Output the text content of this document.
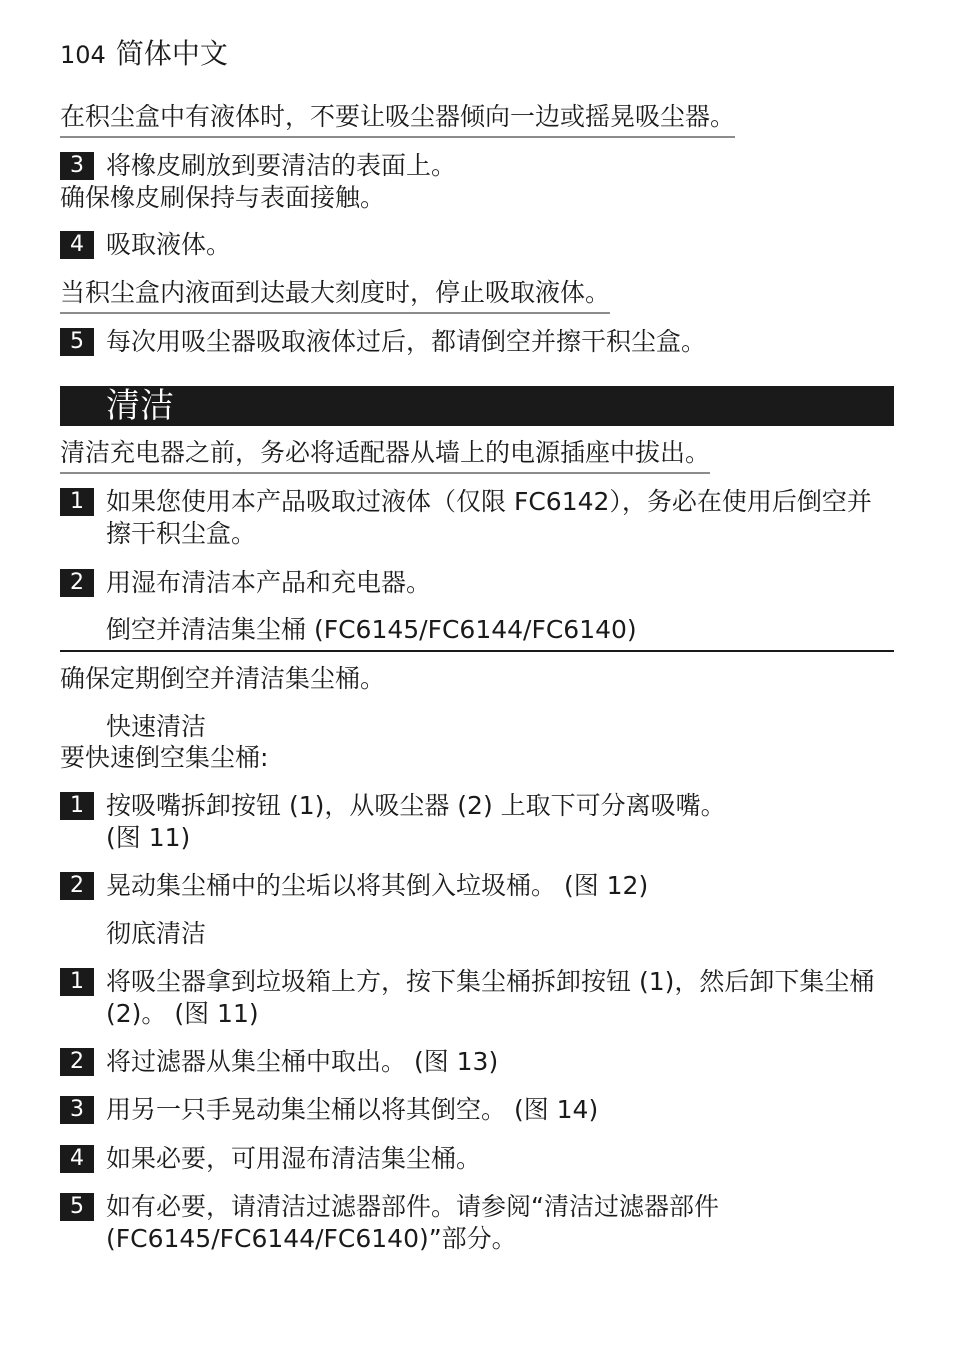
104 简体中文
在积尘盒中有液体时，不要让吸尘器倾向一边或摇晃吸尘器。
3 将橡皮刷放到要清洁的表面上。
确保橡皮刷保持与表面接触。
4 吸取液体。
当积尘盒内液面到达最大刻度时，停止吸取液体。
5 每次用吸尘器吸取液体过后，都请倒空并擦干积尘盒。
清洁
清洁充电器之前，务必将适配器从墙上的电源插座中拔出。
1 如果您使用本产品吸取过液体（仅限 FC6142），务必在使用后倒空并擦干积尘盒。
2 用湿布清洁本产品和充电器。
倒空并清洁集尘桶 (FC6145/FC6144/FC6140)
确保定期倒空并清洁集尘桶。
快速清洁
要快速倒空集尘桶:
1 按吸嘴拆卸按钮 (1)，从吸尘器 (2) 上取下可分离吸嘴。 (图 11)
2 晃动集尘桶中的尘垢以将其倒入垃圾桶。 (图 12)
彻底清洁
1 将吸尘器拿到垃圾箱上方，按下集尘桶拆卸按钮 (1)，然后卸下集尘桶 (2)。 (图 11)
2 将过滤器从集尘桶中取出。 (图 13)
3 用另一只手晃动集尘桶以将其倒空。 (图 14)
4 如果必要，可用湿布清洁集尘桶。
5 如有必要，请清洁过滤器部件。请参阅“清洁过滤器部件 (FC6145/FC6144/FC6140)”部分。
